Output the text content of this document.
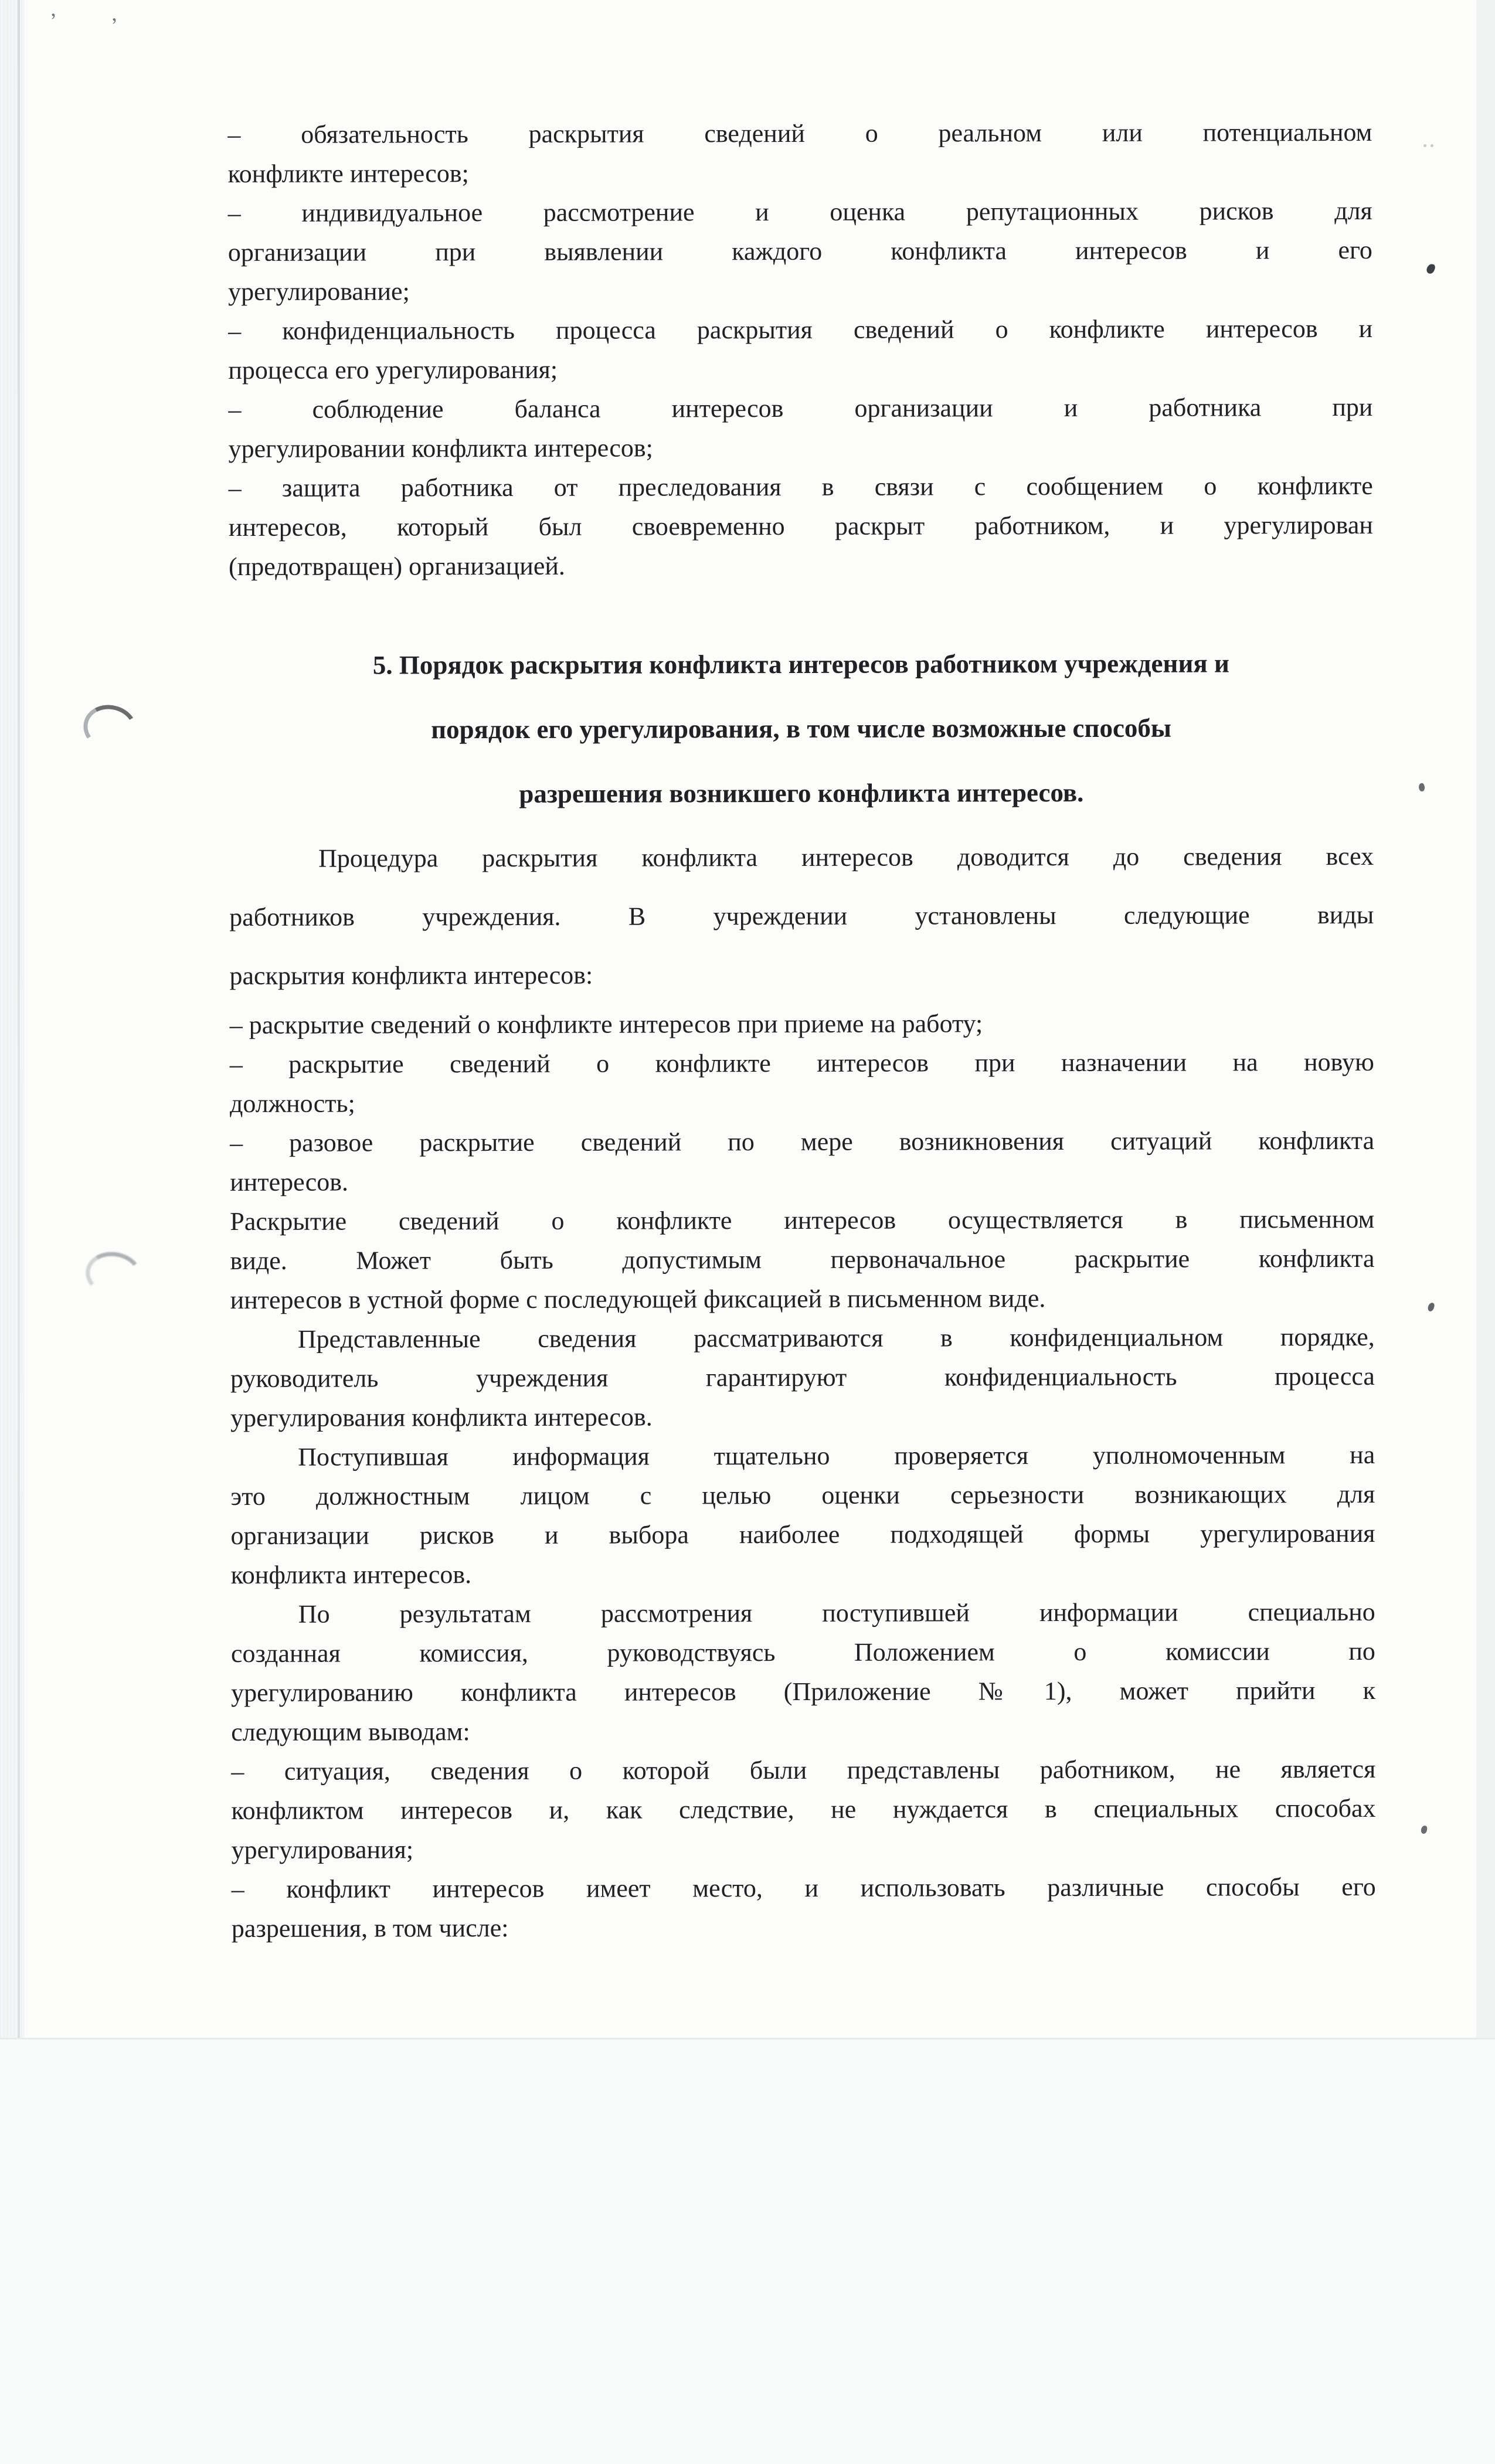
’ ’
– обязательность раскрытия сведений о реальном или потенциальном
конфликте интересов;
– индивидуальное рассмотрение и оценка репутационных рисков для
организации при выявлении каждого конфликта интересов и его
урегулирование;
– конфиденциальность процесса раскрытия сведений о конфликте интересов и
процесса его урегулирования;
– соблюдение баланса интересов организации и работника при
урегулировании конфликта интересов;
– защита работника от преследования в связи с сообщением о конфликте
интересов, который был своевременно раскрыт работником, и урегулирован
(предотвращен) организацией.
5. Порядок раскрытия конфликта интересов работником учреждения и
порядок его урегулирования, в том числе возможные способы
разрешения возникшего конфликта интересов.
Процедура раскрытия конфликта интересов доводится до сведения всех
работников учреждения. В учреждении установлены следующие виды
раскрытия конфликта интересов:
– раскрытие сведений о конфликте интересов при приеме на работу;
– раскрытие сведений о конфликте интересов при назначении на новую
должность;
– разовое раскрытие сведений по мере возникновения ситуаций конфликта
интересов.
Раскрытие сведений о конфликте интересов осуществляется в письменном
виде. Может быть допустимым первоначальное раскрытие конфликта
интересов в устной форме с последующей фиксацией в письменном виде.
Представленные сведения рассматриваются в конфиденциальном порядке,
руководитель учреждения гарантируют конфиденциальность процесса
урегулирования конфликта интересов.
Поступившая информация тщательно проверяется уполномоченным на
это должностным лицом с целью оценки серьезности возникающих для
организации рисков и выбора наиболее подходящей формы урегулирования
конфликта интересов.
По результатам рассмотрения поступившей информации специально
созданная комиссия, руководствуясь Положением о комиссии по
урегулированию конфликта интересов (Приложение №1), может прийти к
следующим выводам:
– ситуация, сведения о которой были представлены работником, не является
конфликтом интересов и, как следствие, не нуждается в специальных способах
урегулирования;
– конфликт интересов имеет место, и использовать различные способы его
разрешения, в том числе:
